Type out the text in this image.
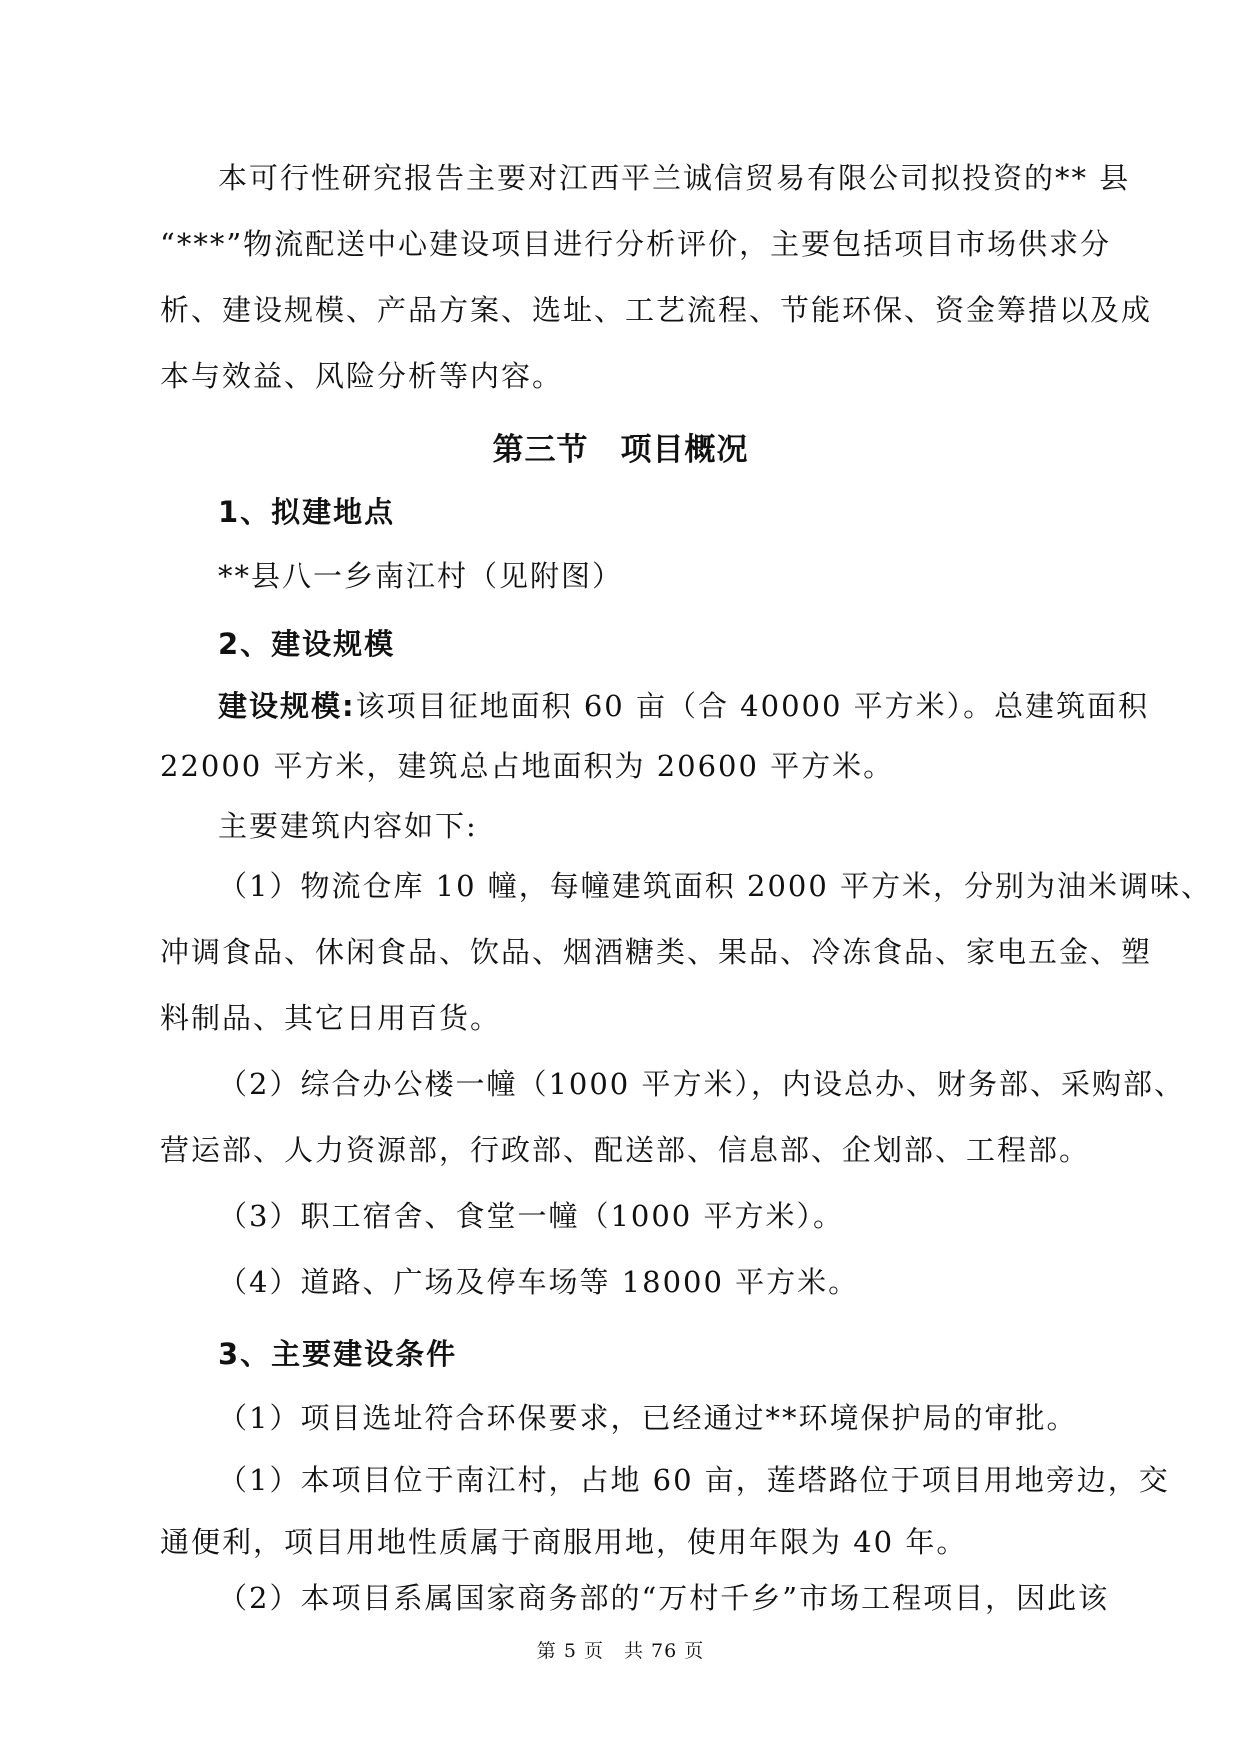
本可行性研究报告主要对江西平兰诚信贸易有限公司拟投资的** 县
“***”物流配送中心建设项目进行分析评价，主要包括项目市场供求分
析、建设规模、产品方案、选址、工艺流程、节能环保、资金筹措以及成
本与效益、风险分析等内容。
第三节　项目概况
1、拟建地点
**县八一乡南江村（见附图）
2、建设规模
建设规模:该项目征地面积 60 亩（合 40000 平方米）。总建筑面积
22000 平方米，建筑总占地面积为 20600 平方米。
主要建筑内容如下:
（1）物流仓库 10 幢，每幢建筑面积 2000 平方米，分别为油米调味、
冲调食品、休闲食品、饮品、烟酒糖类、果品、冷冻食品、家电五金、塑
料制品、其它日用百货。
（2）综合办公楼一幢（1000 平方米），内设总办、财务部、采购部、
营运部、人力资源部，行政部、配送部、信息部、企划部、工程部。
（3）职工宿舍、食堂一幢（1000 平方米）。
（4）道路、广场及停车场等 18000 平方米。
3、主要建设条件
（1）项目选址符合环保要求，已经通过**环境保护局的审批。
（1）本项目位于南江村，占地 60 亩，莲塔路位于项目用地旁边，交
通便利，项目用地性质属于商服用地，使用年限为 40 年。
第 5 页　共 76 页
（2）本项目系属国家商务部的“万村千乡”市场工程项目，因此该
